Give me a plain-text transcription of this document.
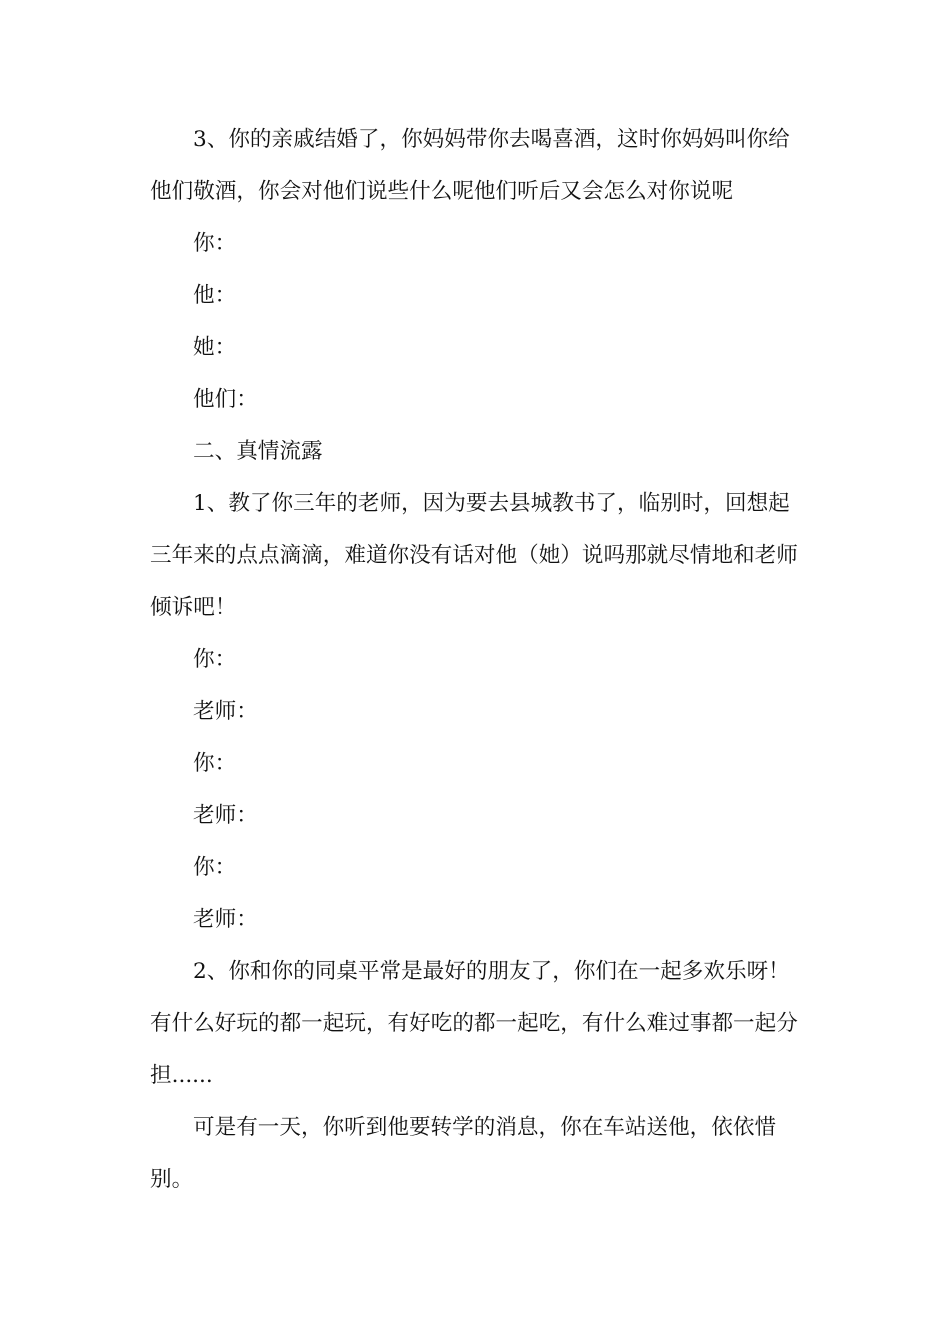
3、你的亲戚结婚了，你妈妈带你去喝喜酒，这时你妈妈叫你给他们敬酒，你会对他们说些什么呢他们听后又会怎么对你说呢

你：

他：

她：

他们：

二、真情流露

1、教了你三年的老师，因为要去县城教书了，临别时，回想起三年来的点点滴滴，难道你没有话对他（她）说吗那就尽情地和老师倾诉吧！

你：

老师：

你：

老师：

你：

老师：

2、你和你的同桌平常是最好的朋友了，你们在一起多欢乐呀！有什么好玩的都一起玩，有好吃的都一起吃，有什么难过事都一起分担......

可是有一天，你听到他要转学的消息，你在车站送他，依依惜别。
